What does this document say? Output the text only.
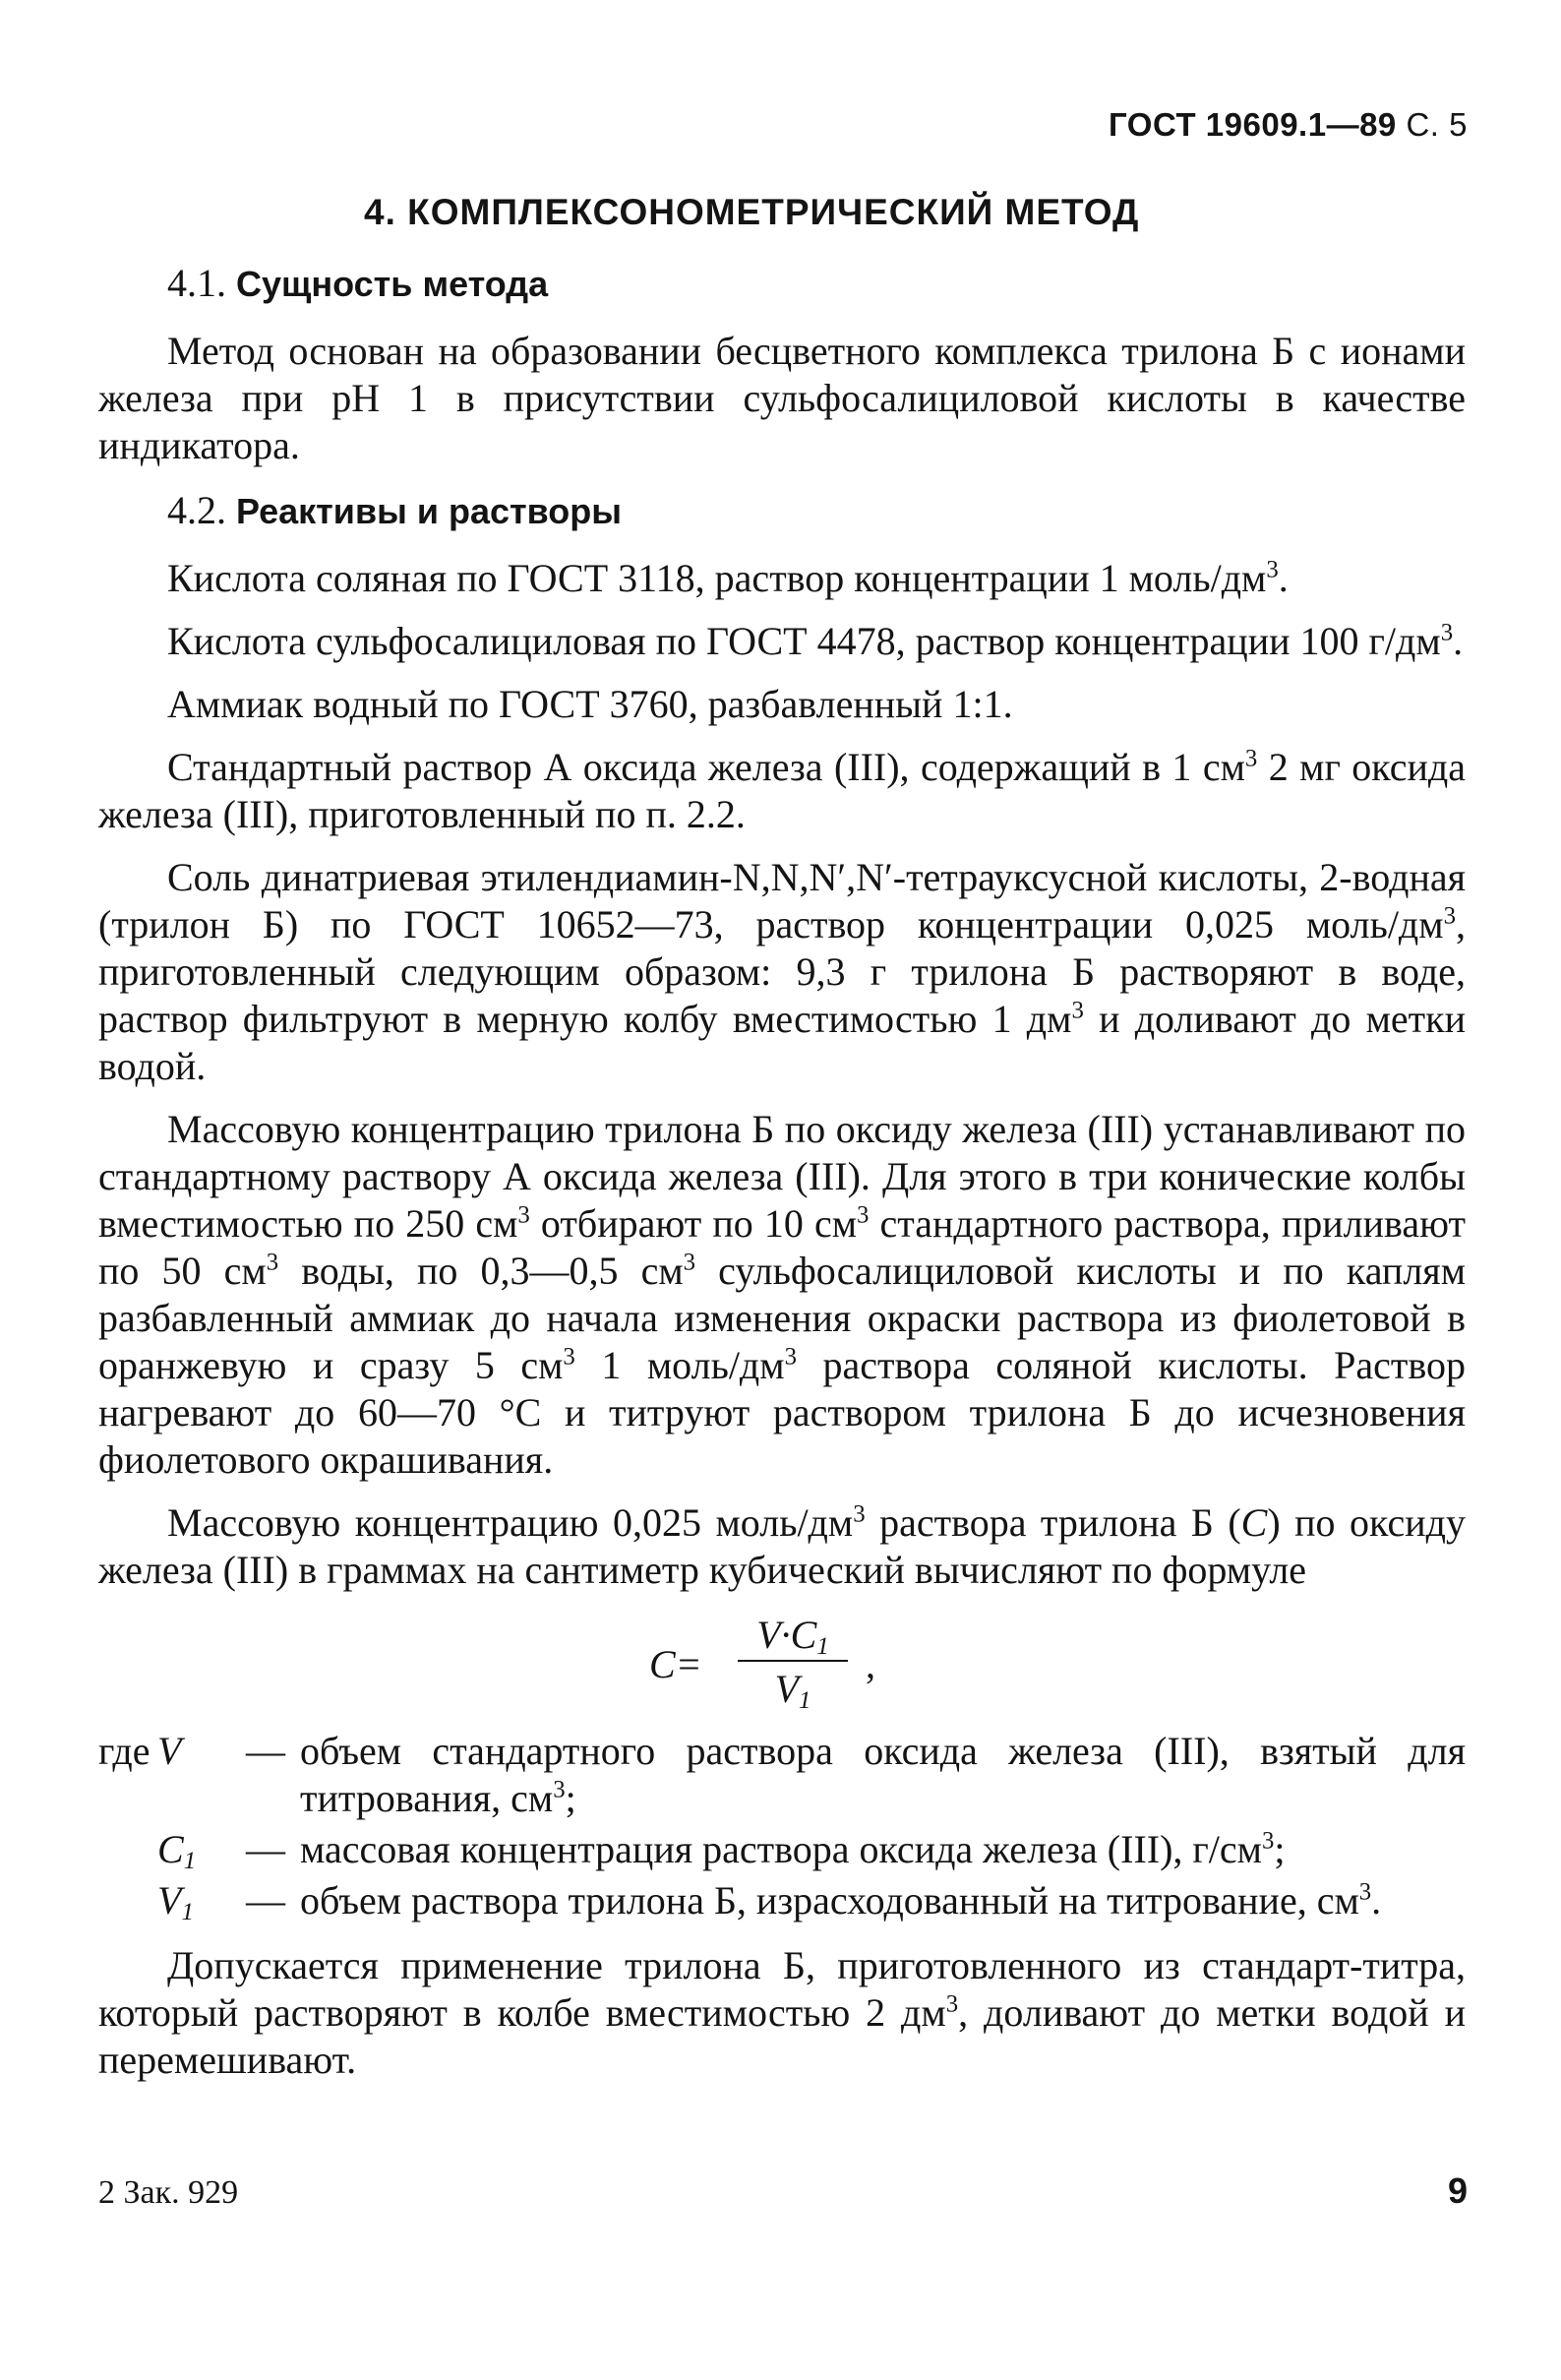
ГОСТ 19609.1—89 С. 5
4. КОМПЛЕКСОНОМЕТРИЧЕСКИЙ МЕТОД
4.1. Сущность метода

Метод основан на образовании бесцветного комплекса трилона Б с ионами железа при pH 1 в присутствии сульфосалициловой кислоты в качестве индикатора.

4.2. Реактивы и растворы

Кислота соляная по ГОСТ 3118, раствор концентрации 1 моль/$дм^3$.

Кислота сульфосалициловая по ГОСТ 4478, раствор концентрации 100 $г/дм^3$.

Аммиак водный по ГОСТ 3760, разбавленный 1:1.

Стандартный раствор А оксида железа (III), содержащий в 1 $см^3$ 2 мг оксида железа (III), приготовленный по п. 2.2.

Соль динатриевая этилендиамин-N,N,N′,N′-тетрауксусной кислоты, 2-водная (трилон Б) по ГОСТ 10652—73, раствор концентрации 0,025 моль/$дм^3$, приготовленный следующим образом: 9,3 г трилона Б растворяют в воде, раствор фильтруют в мерную колбу вместимостью 1 $дм^3$ и доливают до метки водой.

Массовую концентрацию трилона Б по оксиду железа (III) устанавливают по стандартному раствору А оксида железа (III). Для этого в три конические колбы вместимостью по 250 $см^3$ отбирают по 10 $см^3$ стандартного раствора, приливают по 50 $см^3$ воды, по 0,3—0,5 $см^3$ сульфосалициловой кислоты и по каплям разбавленный аммиак до начала изменения окраски раствора из фиолетовой в оранжевую и сразу 5 $см^3$ 1 моль/$дм^3$ раствора соляной кислоты. Раствор нагревают до 60—70 °С и титруют раствором трилона Б до исчезновения фиолетового окрашивания.

Массовую концентрацию 0,025 моль/$дм^3$ раствора трилона Б (C) по оксиду железа (III) в граммах на сантиметр кубический вычисляют по формуле

$C= \frac{V\cdot C_1}{V_1}$ ,
где V	— объем стандартного раствора оксида железа (III), взятый для титрования, $см^3$;
$C_1$	— массовая концентрация раствора оксида железа (III), $г/см^3$;
$V_1$	— объем раствора трилона Б, израсходованный на титрование, $см^3$.

Допускается применение трилона Б, приготовленного из стандарт-титра, который растворяют в колбе вместимостью 2 $дм^3$, доливают до метки водой и перемешивают.

2 Зак. 929	9
